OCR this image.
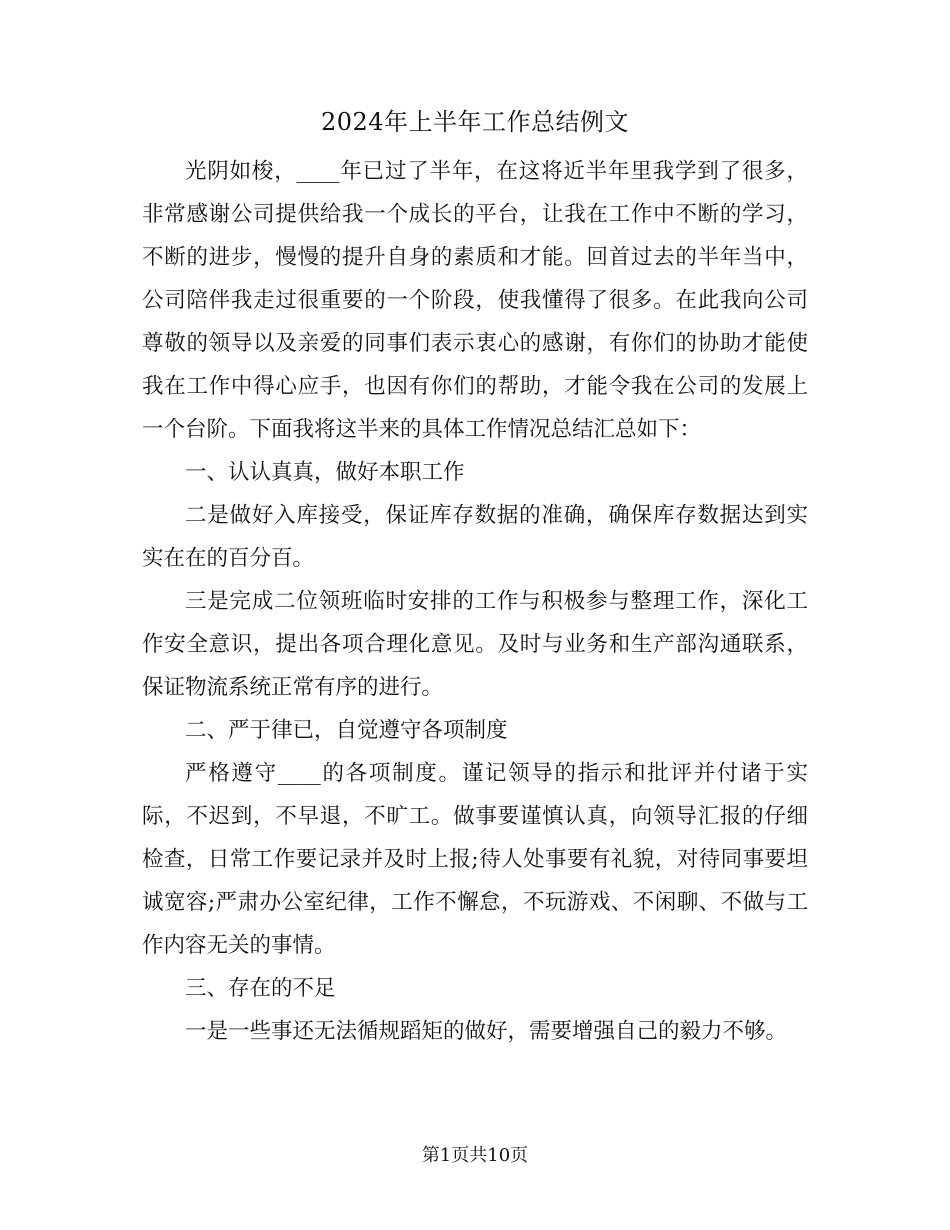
2024年上半年工作总结例文

光阴如梭，____年已过了半年，在这将近半年里我学到了很多，非常感谢公司提供给我一个成长的平台，让我在工作中不断的学习，不断的进步，慢慢的提升自身的素质和才能。回首过去的半年当中，公司陪伴我走过很重要的一个阶段，使我懂得了很多。在此我向公司尊敬的领导以及亲爱的同事们表示衷心的感谢，有你们的协助才能使我在工作中得心应手，也因有你们的帮助，才能令我在公司的发展上一个台阶。下面我将这半来的具体工作情况总结汇总如下：

一、认认真真，做好本职工作

二是做好入库接受，保证库存数据的准确，确保库存数据达到实实在在的百分百。

三是完成二位领班临时安排的工作与积极参与整理工作，深化工作安全意识，提出各项合理化意见。及时与业务和生产部沟通联系，保证物流系统正常有序的进行。

二、严于律已，自觉遵守各项制度

严格遵守____的各项制度。谨记领导的指示和批评并付诸于实际，不迟到，不早退，不旷工。做事要谨慎认真，向领导汇报的仔细检查，日常工作要记录并及时上报;待人处事要有礼貌，对待同事要坦诚宽容;严肃办公室纪律，工作不懈怠，不玩游戏、不闲聊、不做与工作内容无关的事情。

三、存在的不足

一是一些事还无法循规蹈矩的做好，需要增强自己的毅力不够。

第1页共10页
